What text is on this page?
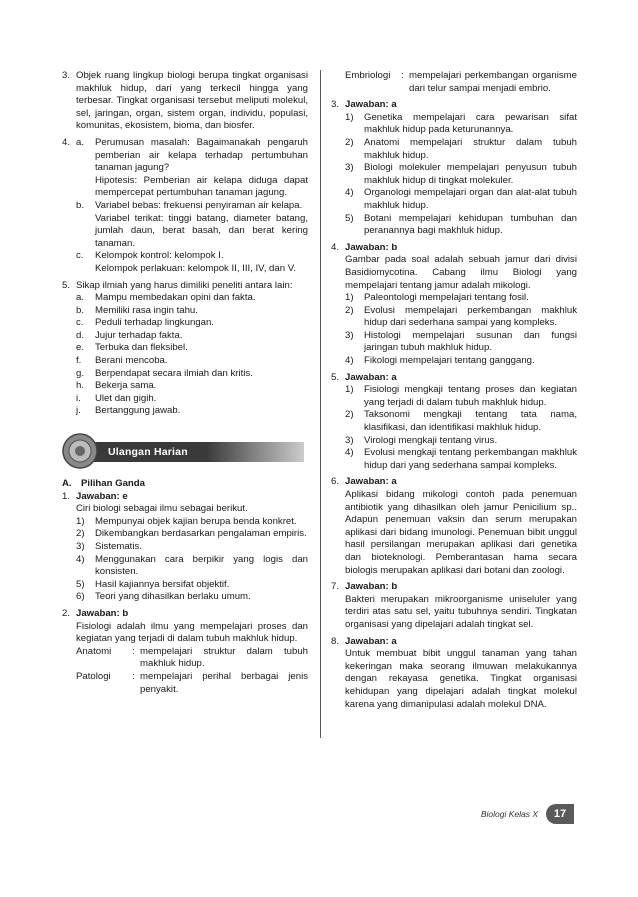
3. Objek ruang lingkup biologi berupa tingkat organisasi makhluk hidup, dari yang terkecil hingga yang terbesar. Tingkat organisasi tersebut meliputi molekul, sel, jaringan, organ, sistem organ, individu, populasi, komunitas, ekosistem, bioma, dan biosfer.
4. a.	Perumusan masalah: Bagaimanakah pengaruh pemberian air kelapa terhadap pertumbuhan tanaman jagung?

Hipotesis: Pemberian air kelapa diduga dapat mempercepat pertumbuhan tanaman jagung.

b.	Variabel bebas: frekuensi penyiraman air kelapa.

Variabel terikat: tinggi batang, diameter batang, jumlah daun, berat basah, dan berat kering tanaman.

c.	Kelompok kontrol: kelompok I.

Kelompok perlakuan: kelompok II, III, IV, dan V.

5. Sikap ilmiah yang harus dimiliki peneliti antara lain:

a.	Mampu membedakan opini dan fakta.
b.	Memiliki rasa ingin tahu.
c.	Peduli terhadap lingkungan.
d.	Jujur terhadap fakta.
e.	Terbuka dan fleksibel.
f.	Berani mencoba.
g.	Berpendapat secara ilmiah dan kritis.
h.	Bekerja sama.
i.	Ulet dan gigih.
j.	Bertanggung jawab.
Ulangan Harian
A. Pilihan Ganda
1. Jawaban: e

Ciri biologi sebagai ilmu sebagai berikut.

1)	Mempunyai objek kajian berupa benda konkret.
2)	Dikembangkan berdasarkan pengalaman empiris.
3)	Sistematis.
4)	Menggunakan cara berpikir yang logis dan konsisten.
5)	Hasil kajiannya bersifat objektif.
6)	Teori yang dihasilkan berlaku umum.
2. Jawaban: b

Fisiologi adalah ilmu yang mempelajari proses dan kegiatan yang terjadi di dalam tubuh makhluk hidup.

Anatomi	: mempelajari struktur dalam tubuh makhluk hidup.
Patologi	: mempelajari perihal berbagai jenis penyakit.
Embriologi	: mempelajari perkembangan organisme dari telur sampai menjadi embrio.
3. Jawaban: a

1)	Genetika mempelajari cara pewarisan sifat makhluk hidup pada keturunannya.
2)	Anatomi mempelajari struktur dalam tubuh makhluk hidup.
3)	Biologi molekuler mempelajari penyusun tubuh makhluk hidup di tingkat molekuler.
4)	Organologi mempelajari organ dan alat-alat tubuh makhluk hidup.
5)	Botani mempelajari kehidupan tumbuhan dan peranannya bagi makhluk hidup.
4. Jawaban: b

Gambar pada soal adalah sebuah jamur dari divisi Basidiomycotina. Cabang ilmu Biologi yang mempelajari tentang jamur adalah mikologi.

1)	Paleontologi mempelajari tentang fosil.
2)	Evolusi mempelajari perkembangan makhluk hidup dari sederhana sampai yang kompleks.
3)	Histologi mempelajari susunan dan fungsi jaringan tubuh makhluk hidup.
4)	Fikologi mempelajari tentang ganggang.
5. Jawaban: a

1)	Fisiologi mengkaji tentang proses dan kegiatan yang terjadi di dalam tubuh makhluk hidup.
2)	Taksonomi mengkaji tentang tata nama, klasifikasi, dan identifikasi makhluk hidup.
3)	Virologi mengkaji tentang virus.
4)	Evolusi mengkaji tentang perkembangan makhluk hidup dari yang sederhana sampai kompleks.
6. Jawaban: a

Aplikasi bidang mikologi contoh pada penemuan antibiotik yang dihasilkan oleh jamur Penicilium sp.. Adapun penemuan vaksin dan serum merupakan aplikasi dari bidang imunologi. Penemuan bibit unggul hasil persilangan merupakan aplikasi dari genetika dan bioteknologi. Pemberantasan hama secara biologis merupakan aplikasi dari botani dan zoologi.

7. Jawaban: b

Bakteri merupakan mikroorganisme uniseluler yang terdiri atas satu sel, yaitu tubuhnya sendiri. Tingkatan organisasi yang dipelajari adalah tingkat sel.

8. Jawaban: a

Untuk membuat bibit unggul tanaman yang tahan kekeringan maka seorang ilmuwan melakukannya dengan rekayasa genetika. Tingkat organisasi kehidupan yang dipelajari adalah tingkat molekul karena yang dimanipulasi adalah molekul DNA.

Biologi Kelas X	17
